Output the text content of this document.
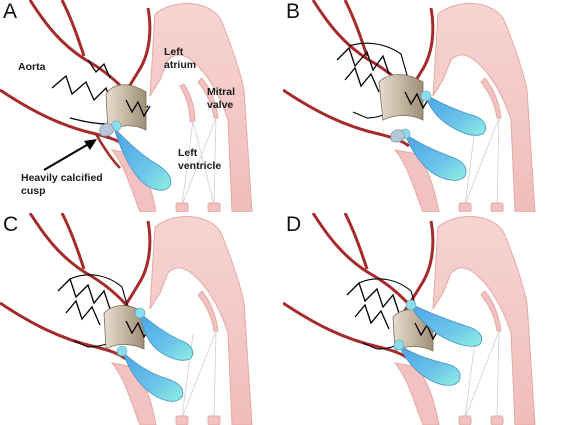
A
Aorta
Left
atrium
Mitral
valve
Left
ventricle
Heavily calcified
cusp
B
C	D
